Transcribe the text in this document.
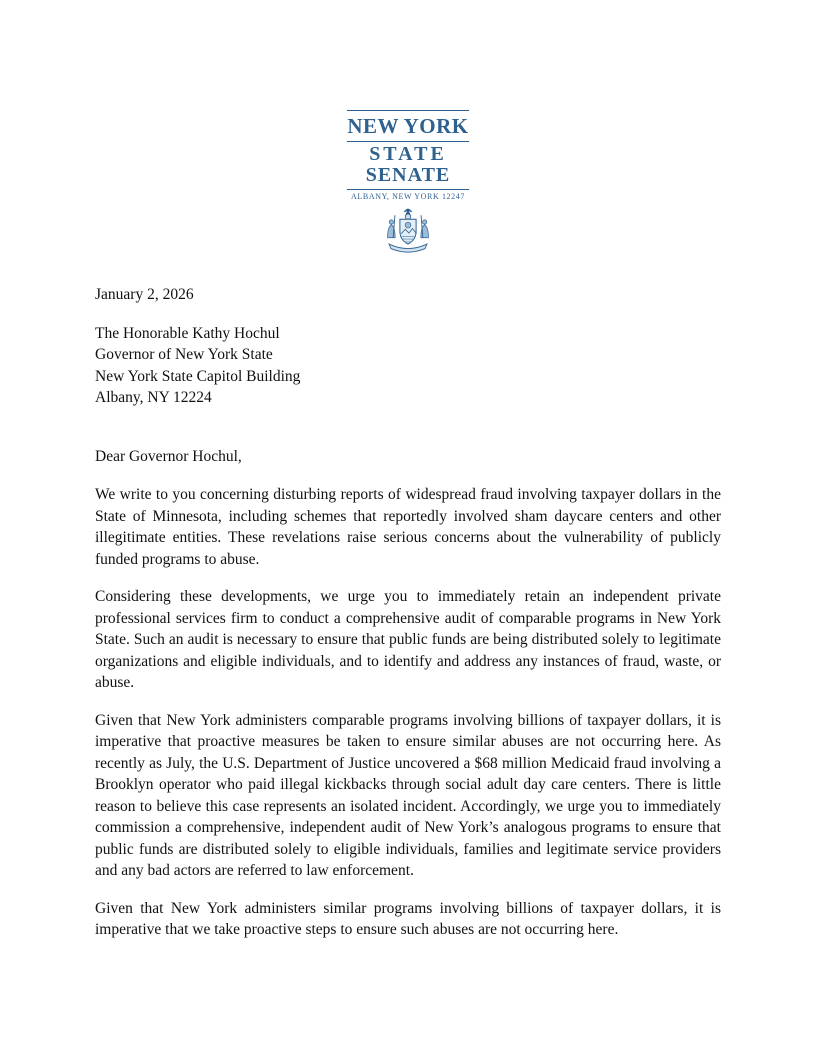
NEW YORK
STATE
SENATE
ALBANY, NEW YORK 12247

January 2, 2026

The Honorable Kathy Hochul

Governor of New York State

New York State Capitol Building

Albany, NY 12224

Dear Governor Hochul,

We write to you concerning disturbing reports of widespread fraud involving taxpayer dollars in the State of Minnesota, including schemes that reportedly involved sham daycare centers and other illegitimate entities. These revelations raise serious concerns about the vulnerability of publicly funded programs to abuse.

Considering these developments, we urge you to immediately retain an independent private professional services firm to conduct a comprehensive audit of comparable programs in New York State. Such an audit is necessary to ensure that public funds are being distributed solely to legitimate organizations and eligible individuals, and to identify and address any instances of fraud, waste, or abuse.

Given that New York administers comparable programs involving billions of taxpayer dollars, it is imperative that proactive measures be taken to ensure similar abuses are not occurring here. As recently as July, the U.S. Department of Justice uncovered a $68 million Medicaid fraud involving a Brooklyn operator who paid illegal kickbacks through social adult day care centers. There is little reason to believe this case represents an isolated incident. Accordingly, we urge you to immediately commission a comprehensive, independent audit of New York’s analogous programs to ensure that public funds are distributed solely to eligible individuals, families and legitimate service providers and any bad actors are referred to law enforcement.

Given that New York administers similar programs involving billions of taxpayer dollars, it is imperative that we take proactive steps to ensure such abuses are not occurring here.
